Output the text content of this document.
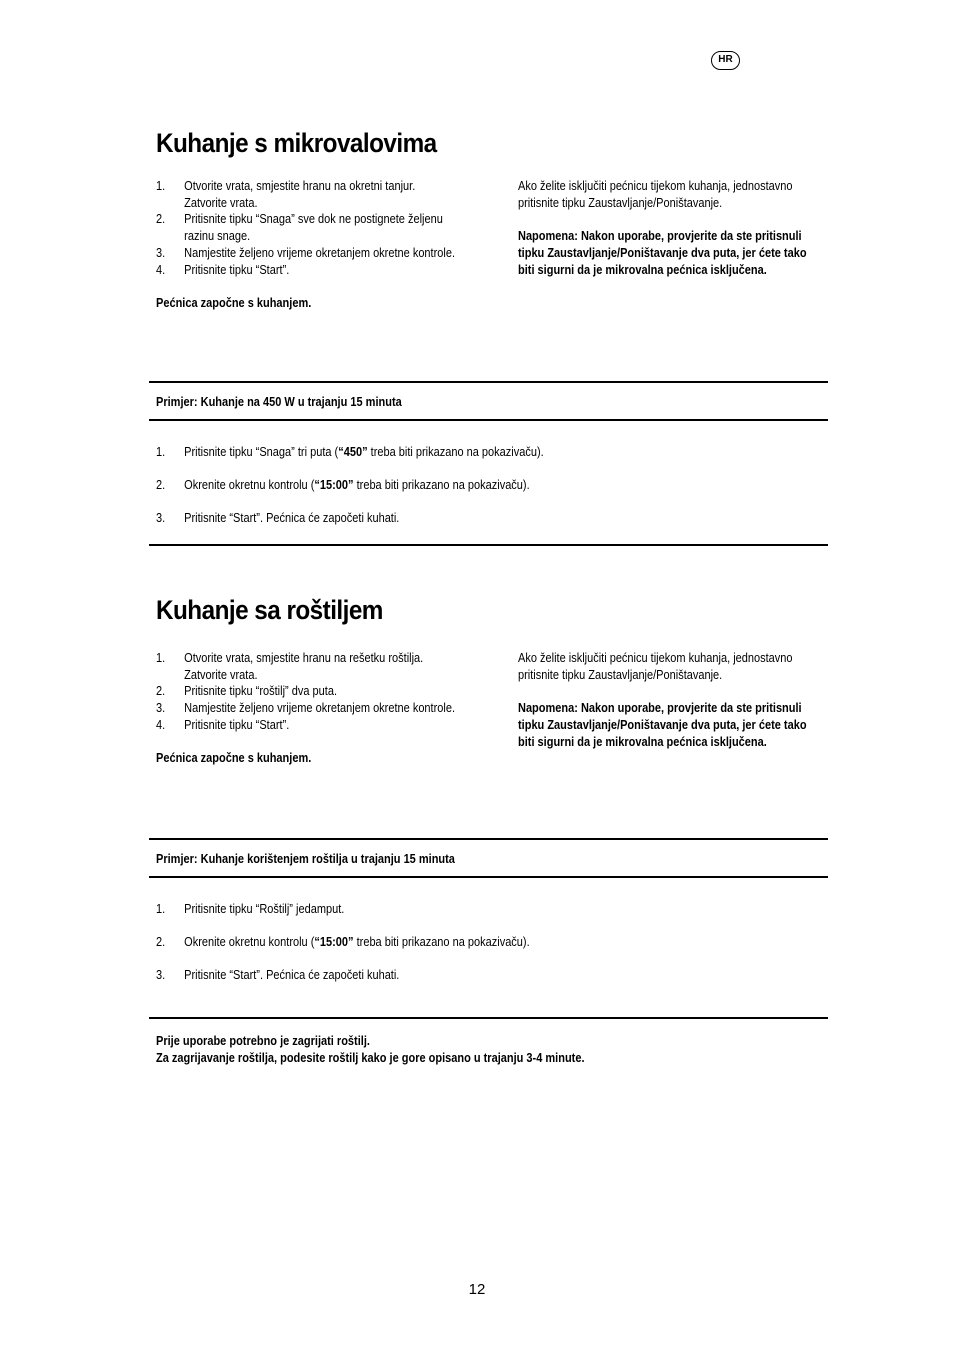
HR
Kuhanje s mikrovalovima
1. Otvorite vrata, smjestite hranu na okretni tanjur. Zatvorite vrata.
2. Pritisnite tipku “Snaga” sve dok ne postignete željenu razinu snage.
3. Namjestite željeno vrijeme okretanjem okretne kontrole.
4. Pritisnite tipku “Start”.

Pećnica započne s kuhanjem.

Ako želite isključiti pećnicu tijekom kuhanja, jednostavno pritisnite tipku Zaustavljanje/Poništavanje.

Napomena: Nakon uporabe, provjerite da ste pritisnuli tipku Zaustavljanje/Poništavanje dva puta, jer ćete tako biti sigurni da je mikrovalna pećnica isključena.

Primjer: Kuhanje na 450 W u trajanju 15 minuta
1. Pritisnite tipku “Snaga” tri puta (“450” treba biti prikazano na pokazivaču).
2. Okrenite okretnu kontrolu (“15:00” treba biti prikazano na pokazivaču).
3. Pritisnite “Start”. Pećnica će započeti kuhati.
Kuhanje sa roštiljem
1. Otvorite vrata, smjestite hranu na rešetku roštilja. Zatvorite vrata.
2. Pritisnite tipku “roštilj” dva puta.
3. Namjestite željeno vrijeme okretanjem okretne kontrole.
4. Pritisnite tipku “Start”.

Pećnica započne s kuhanjem.

Ako želite isključiti pećnicu tijekom kuhanja, jednostavno pritisnite tipku Zaustavljanje/Poništavanje.

Napomena: Nakon uporabe, provjerite da ste pritisnuli tipku Zaustavljanje/Poništavanje dva puta, jer ćete tako biti sigurni da je mikrovalna pećnica isključena.

Primjer: Kuhanje korištenjem roštilja u trajanju 15 minuta
1. Pritisnite tipku “Roštilj” jedamput.
2. Okrenite okretnu kontrolu (“15:00” treba biti prikazano na pokazivaču).
3. Pritisnite “Start”. Pećnica će započeti kuhati.
Prije uporabe potrebno je zagrijati roštilj.
Za zagrijavanje roštilja, podesite roštilj kako je gore opisano u trajanju 3-4 minute.
12
